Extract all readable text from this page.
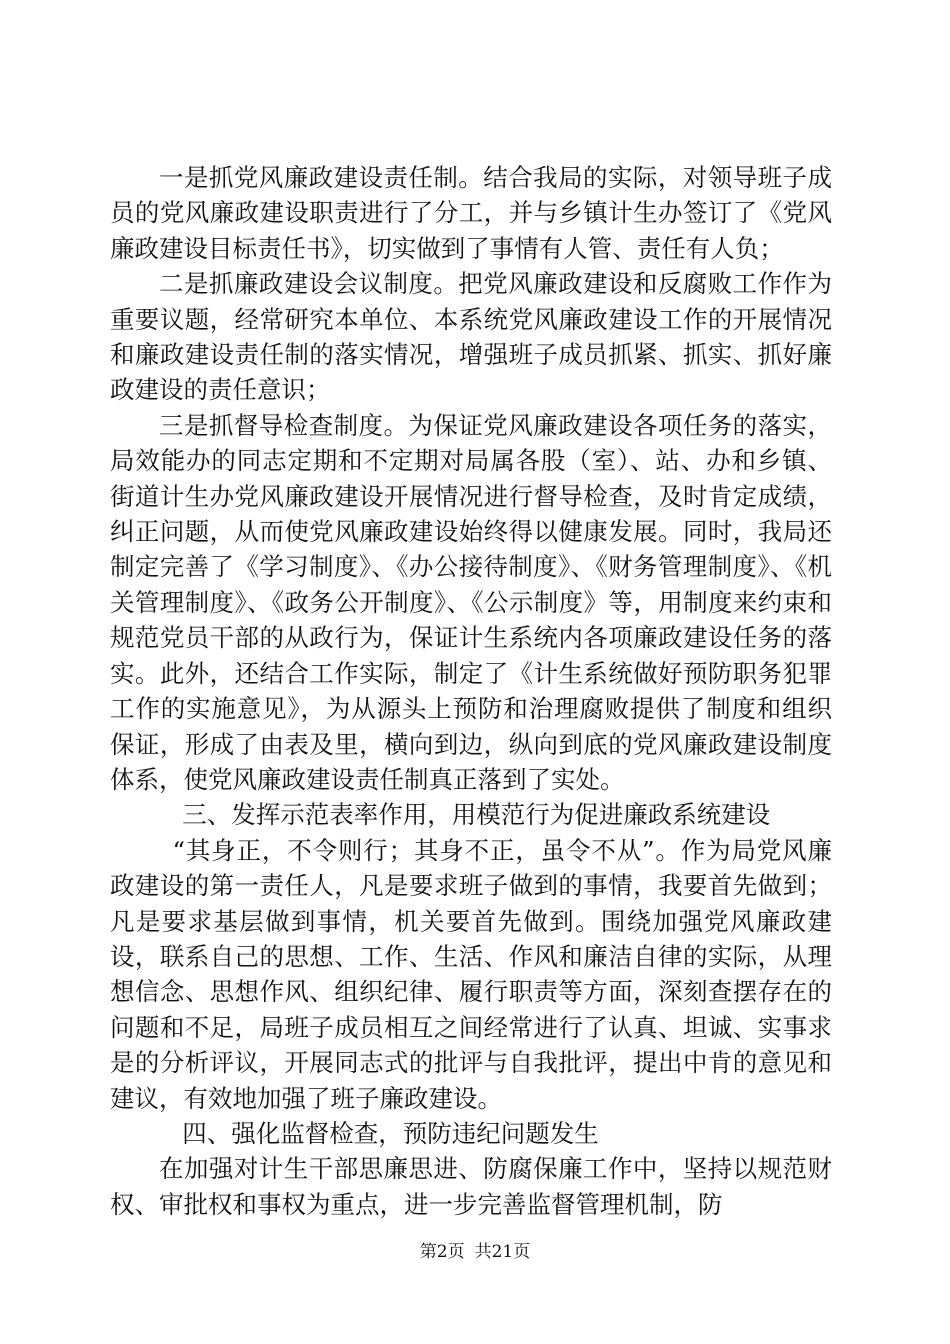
一是抓党风廉政建设责任制。结合我局的实际，对领导班子成员的党风廉政建设职责进行了分工，并与乡镇计生办签订了《党风廉政建设目标责任书》，切实做到了事情有人管、责任有人负；

二是抓廉政建设会议制度。把党风廉政建设和反腐败工作作为重要议题，经常研究本单位、本系统党风廉政建设工作的开展情况和廉政建设责任制的落实情况，增强班子成员抓紧、抓实、抓好廉政建设的责任意识；

三是抓督导检查制度。为保证党风廉政建设各项任务的落实，局效能办的同志定期和不定期对局属各股（室）、站、办和乡镇、街道计生办党风廉政建设开展情况进行督导检查，及时肯定成绩，纠正问题，从而使党风廉政建设始终得以健康发展。同时，我局还制定完善了《学习制度》、《办公接待制度》、《财务管理制度》、《机关管理制度》、《政务公开制度》、《公示制度》等，用制度来约束和规范党员干部的从政行为，保证计生系统内各项廉政建设任务的落实。此外，还结合工作实际，制定了《计生系统做好预防职务犯罪工作的实施意见》，为从源头上预防和治理腐败提供了制度和组织保证，形成了由表及里，横向到边，纵向到底的党风廉政建设制度体系，使党风廉政建设责任制真正落到了实处。

三、发挥示范表率作用，用模范行为促进廉政系统建设

“其身正，不令则行；其身不正，虽令不从”。作为局党风廉政建设的第一责任人，凡是要求班子做到的事情，我要首先做到；凡是要求基层做到事情，机关要首先做到。围绕加强党风廉政建设，联系自己的思想、工作、生活、作风和廉洁自律的实际，从理想信念、思想作风、组织纪律、履行职责等方面，深刻查摆存在的问题和不足，局班子成员相互之间经常进行了认真、坦诚、实事求是的分析评议，开展同志式的批评与自我批评，提出中肯的意见和建议，有效地加强了班子廉政建设。

四、强化监督检查，预防违纪问题发生

在加强对计生干部思廉思进、防腐保廉工作中，坚持以规范财权、审批权和事权为重点，进一步完善监督管理机制，防

第2页 共21页
